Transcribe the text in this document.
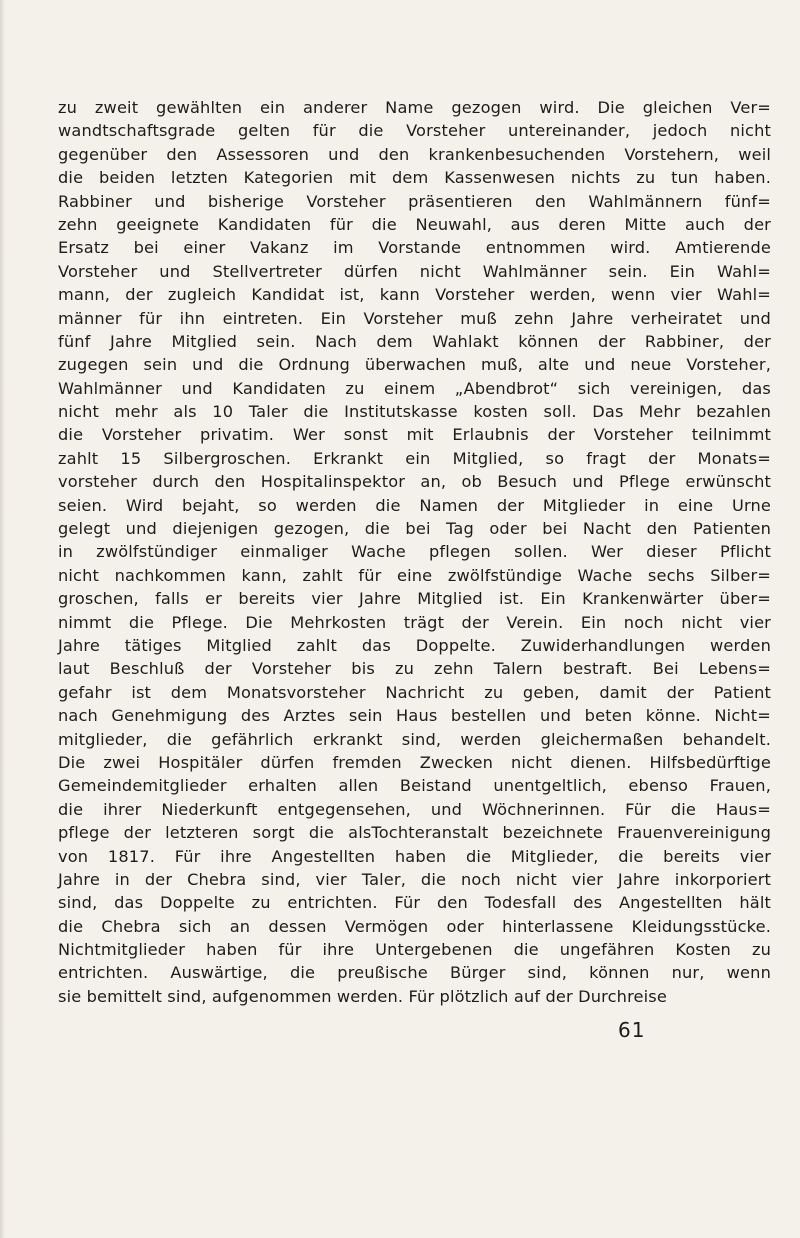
zu zweit gewählten ein anderer Name gezogen wird. Die gleichen Ver=
wandtschaftsgrade gelten für die Vorsteher untereinander, jedoch nicht
gegenüber den Assessoren und den krankenbesuchenden Vorstehern, weil
die beiden letzten Kategorien mit dem Kassenwesen nichts zu tun haben.
Rabbiner und bisherige Vorsteher präsentieren den Wahlmännern fünf=
zehn geeignete Kandidaten für die Neuwahl, aus deren Mitte auch der
Ersatz bei einer Vakanz im Vorstande entnommen wird. Amtierende
Vorsteher und Stellvertreter dürfen nicht Wahlmänner sein. Ein Wahl=
mann, der zugleich Kandidat ist, kann Vorsteher werden, wenn vier Wahl=
männer für ihn eintreten. Ein Vorsteher muß zehn Jahre verheiratet und
fünf Jahre Mitglied sein. Nach dem Wahlakt können der Rabbiner, der
zugegen sein und die Ordnung überwachen muß, alte und neue Vorsteher,
Wahlmänner und Kandidaten zu einem „Abendbrot“ sich vereinigen, das
nicht mehr als 10 Taler die Institutskasse kosten soll. Das Mehr bezahlen
die Vorsteher privatim. Wer sonst mit Erlaubnis der Vorsteher teilnimmt
zahlt 15 Silbergroschen. Erkrankt ein Mitglied, so fragt der Monats=
vorsteher durch den Hospitalinspektor an, ob Besuch und Pflege erwünscht
seien. Wird bejaht, so werden die Namen der Mitglieder in eine Urne
gelegt und diejenigen gezogen, die bei Tag oder bei Nacht den Patienten
in zwölfstündiger einmaliger Wache pflegen sollen. Wer dieser Pflicht
nicht nachkommen kann, zahlt für eine zwölfstündige Wache sechs Silber=
groschen, falls er bereits vier Jahre Mitglied ist. Ein Krankenwärter über=
nimmt die Pflege. Die Mehrkosten trägt der Verein. Ein noch nicht vier
Jahre tätiges Mitglied zahlt das Doppelte. Zuwiderhandlungen werden
laut Beschluß der Vorsteher bis zu zehn Talern bestraft. Bei Lebens=
gefahr ist dem Monatsvorsteher Nachricht zu geben, damit der Patient
nach Genehmigung des Arztes sein Haus bestellen und beten könne. Nicht=
mitglieder, die gefährlich erkrankt sind, werden gleichermaßen behandelt.
Die zwei Hospitäler dürfen fremden Zwecken nicht dienen. Hilfsbedürftige
Gemeindemitglieder erhalten allen Beistand unentgeltlich, ebenso Frauen,
die ihrer Niederkunft entgegensehen, und Wöchnerinnen. Für die Haus=
pflege der letzteren sorgt die alsTochteranstalt bezeichnete Frauenvereinigung
von 1817. Für ihre Angestellten haben die Mitglieder, die bereits vier
Jahre in der Chebra sind, vier Taler, die noch nicht vier Jahre inkorporiert
sind, das Doppelte zu entrichten. Für den Todesfall des Angestellten hält
die Chebra sich an dessen Vermögen oder hinterlassene Kleidungsstücke.
Nichtmitglieder haben für ihre Untergebenen die ungefähren Kosten zu
entrichten. Auswärtige, die preußische Bürger sind, können nur, wenn
sie bemittelt sind, aufgenommen werden. Für plötzlich auf der Durchreise
61
